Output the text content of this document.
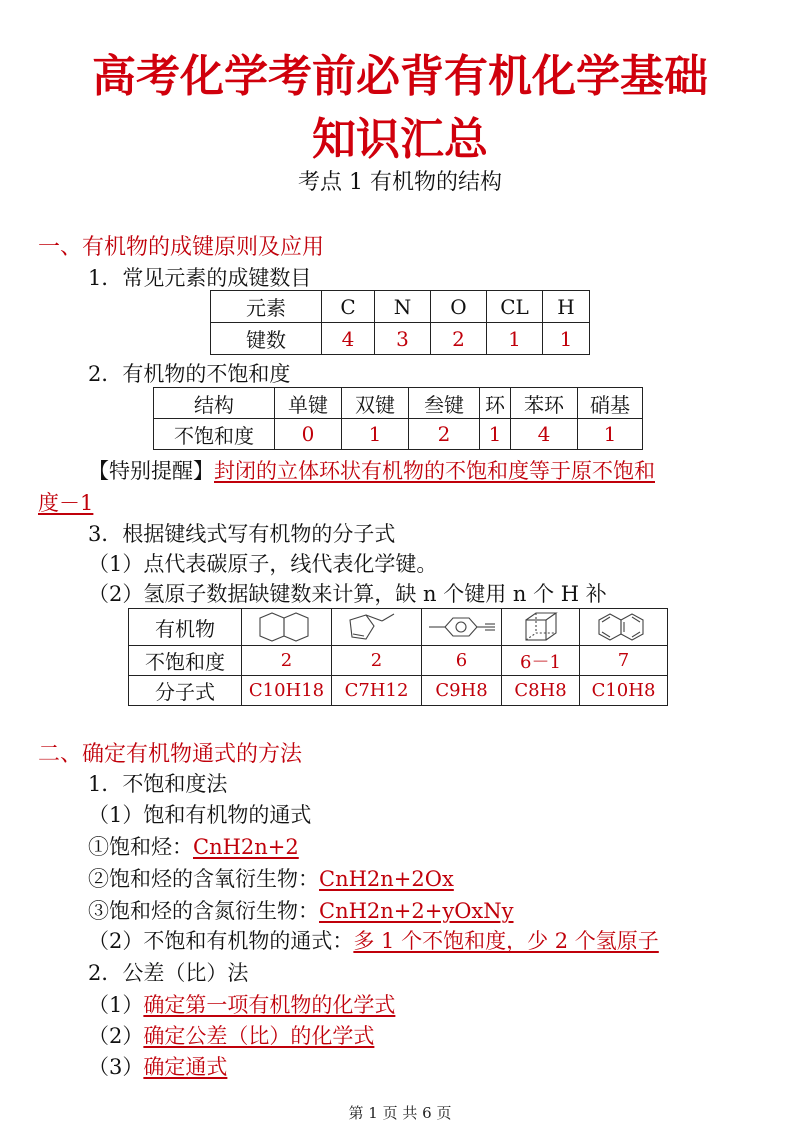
高考化学考前必背有机化学基础
知识汇总
考点 1 有机物的结构
一、有机物的成键原则及应用
1．常见元素的成键数目
元素	C	N	O	CL	H
键数	4	3	2	1	1
2．有机物的不饱和度
结构	单键	双键	叁键	环	苯环	硝基
不饱和度	0	1	2	1	4	1
【特别提醒】封闭的立体环状有机物的不饱和度等于原不饱和
度－1
3．根据键线式写有机物的分子式
（1）点代表碳原子，线代表化学键。
（2）氢原子数据缺键数来计算，缺 n 个键用 n 个 H 补
有机物	

不饱和度	2	2	6	6－1	7
分子式	C10H18	C7H12	C9H8	C8H8	C10H8
二、确定有机物通式的方法
1．不饱和度法
（1）饱和有机物的通式
①饱和烃：CnH2n+2
②饱和烃的含氧衍生物：CnH2n+2Ox
③饱和烃的含氮衍生物：CnH2n+2+yOxNy
（2）不饱和有机物的通式：多 1 个不饱和度，少 2 个氢原子
2．公差（比）法
（1）确定第一项有机物的化学式
（2）确定公差（比）的化学式
（3）确定通式
第 1 页 共 6 页
